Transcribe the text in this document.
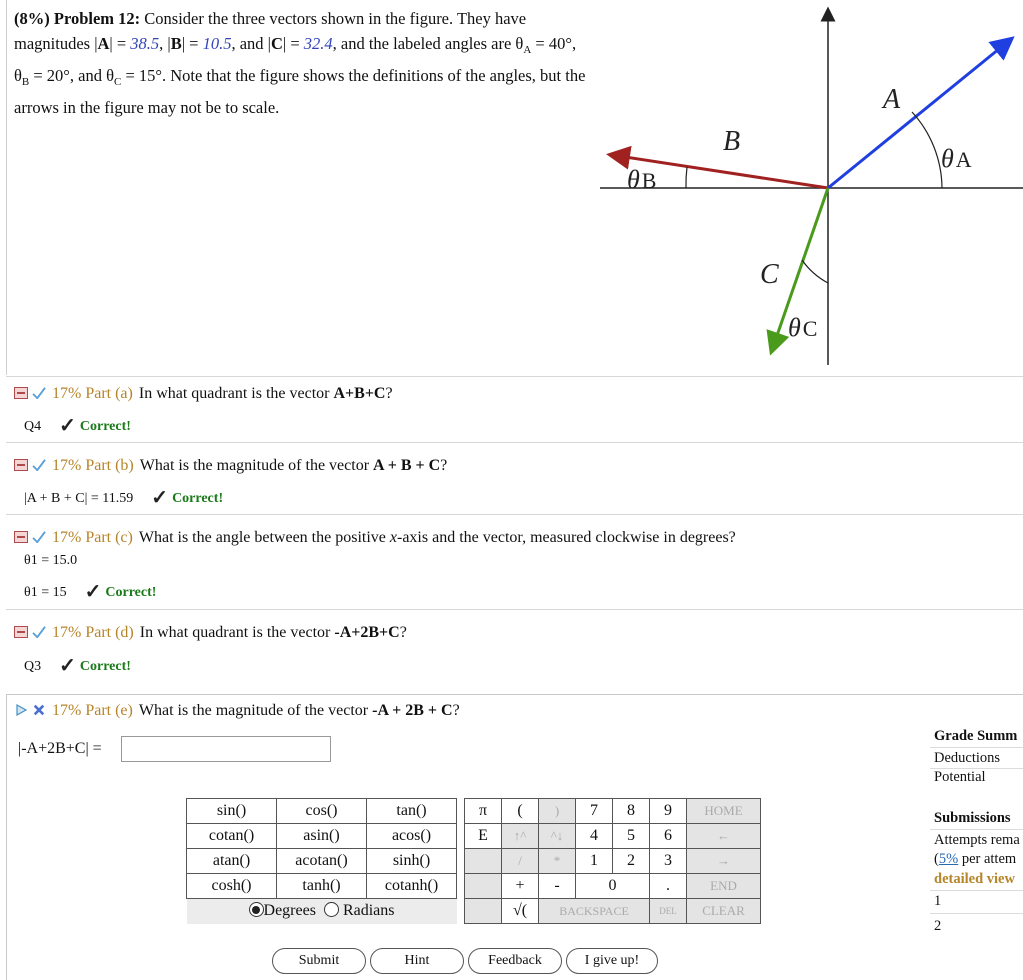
(8%) Problem 12: Consider the three vectors shown in the figure. They have magnitudes |A| = 38.5, |B| = 10.5, and |C| = 32.4, and the labeled angles are $\theta_A = 40^\circ$, $\theta_B = 20^\circ$, and $\theta_C = 15^\circ$. Note that the figure shows the definitions of the angles, but the arrows in the figure may not be to scale.	A
B
C
θA
θB
θC
17% Part (a) In what quadrant is the vector A+B+C?
Q4 ✓ Correct!
17% Part (b) What is the magnitude of the vector A + B + C?
|A + B + C| = 11.59 ✓ Correct!
17% Part (c) What is the angle between the positive x-axis and the vector, measured clockwise in degrees?
θ1 = 15.0
θ1 = 15 ✓ Correct!
17% Part (d) In what quadrant is the vector -A+2B+C?
Q3 ✓ Correct!
17% Part (e) What is the magnitude of the vector -A + 2B + C?
|-A+2B+C| =
sin()	cos()	tan()		π	(	)	7	8	9	HOME
cotan()	asin()	acos()		E	↑^	^↓	4	5	6	←
atan()	acotan()	sinh()			/	*	1	2	3	→
cosh()	tanh()	cotanh()			+	-	0		.	END
Degrees Radians					√(	BACKSPACE			DEL	CLEAR
Submit	Hint	Feedback	I give up!
Grade Summ
Deductions
Potential
Submissions
Attempts rema
(5% per attem
detailed view
1
2
